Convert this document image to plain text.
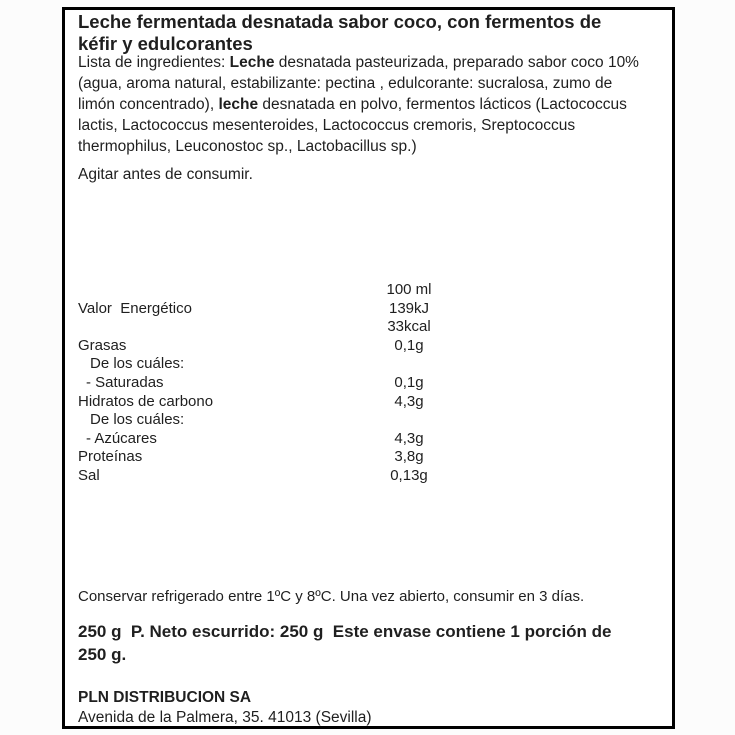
Leche fermentada desnatada sabor coco, con fermentos de
kéfir y edulcorantes
Lista de ingredientes: Leche desnatada pasteurizada, preparado sabor coco 10%
(agua, aroma natural, estabilizante: pectina , edulcorante: sucralosa, zumo de
limón concentrado), leche desnatada en polvo, fermentos lácticos (Lactococcus
lactis, Lactococcus mesenteroides, Lactococcus cremoris, Sreptococcus
thermophilus, Leuconostoc sp., Lactobacillus sp.)
Agitar antes de consumir.
100 ml
Valor  Energético	139kJ
33kcal
Grasas	0,1g
De los cuáles:
- Saturadas	0,1g
Hidratos de carbono	4,3g
De los cuáles:
- Azúcares	4,3g
Proteínas	3,8g
Sal	0,13g
Conservar refrigerado entre 1ºC y 8ºC. Una vez abierto, consumir en 3 días.
250 g  P. Neto escurrido: 250 g  Este envase contiene 1 porción de
250 g.
PLN DISTRIBUCION SA
Avenida de la Palmera, 35. 41013 (Sevilla)
